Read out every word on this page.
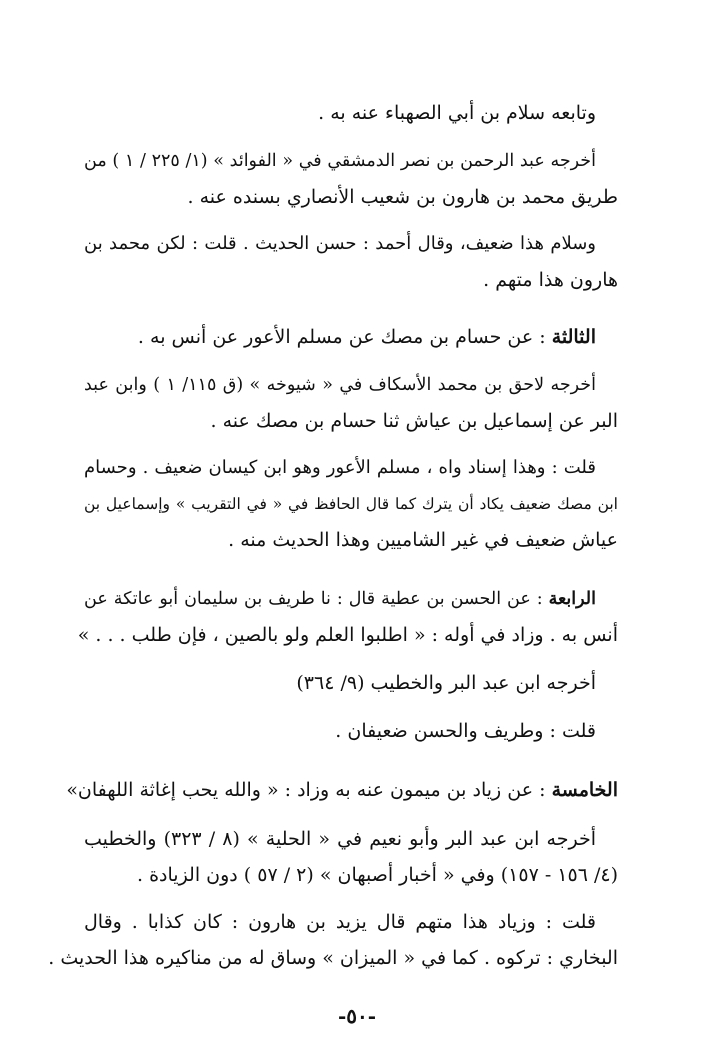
وتابعه سلام بن أبي الصهباء عنه به .
أخرجه عبد الرحمن بن نصر الدمشقي في « الفوائد » (١/ ٢٢٥ / ١ ) من
طريق محمد بن هارون بن شعيب الأنصاري بسنده عنه .
وسلام هذا ضعيف، وقال أحمد : حسن الحديث . قلت : لكن محمد بن
هارون هذا متهم .
الثالثة : عن حسام بن مصك عن مسلم الأعور عن أنس به .
أخرجه لاحق بن محمد الأسكاف في « شيوخه » (ق ١١٥/ ١ ) وابن عبد
البر عن إسماعيل بن عياش ثنا حسام بن مصك عنه .
قلت : وهذا إسناد واه ، مسلم الأعور وهو ابن كيسان ضعيف . وحسام
ابن مصك ضعيف يكاد أن يترك كما قال الحافظ في « في التقريب » وإسماعيل بن
عياش ضعيف في غير الشاميين وهذا الحديث منه .
الرابعة : عن الحسن بن عطية قال : نا طريف بن سليمان أبو عاتكة عن
أنس به . وزاد في أوله : « اطلبوا العلم ولو بالصين ، فإن طلب . . . »
أخرجه ابن عبد البر والخطيب (٩/ ٣٦٤)
قلت : وطريف والحسن ضعيفان .
الخامسة : عن زياد بن ميمون عنه به وزاد : « والله يحب إغاثة اللهفان»
أخرجه ابن عبد البر وأبو نعيم في « الحلية » (٨ / ٣٢٣) والخطيب
(٤/ ١٥٦ - ١٥٧) وفي « أخبار أصبهان » (٢ / ٥٧ ) دون الزيادة .
قلت : وزياد هذا متهم قال يزيد بن هارون : كان كذابا . وقال
البخاري : تركوه . كما في « الميزان » وساق له من مناكيره هذا الحديث .
-٥٠-
